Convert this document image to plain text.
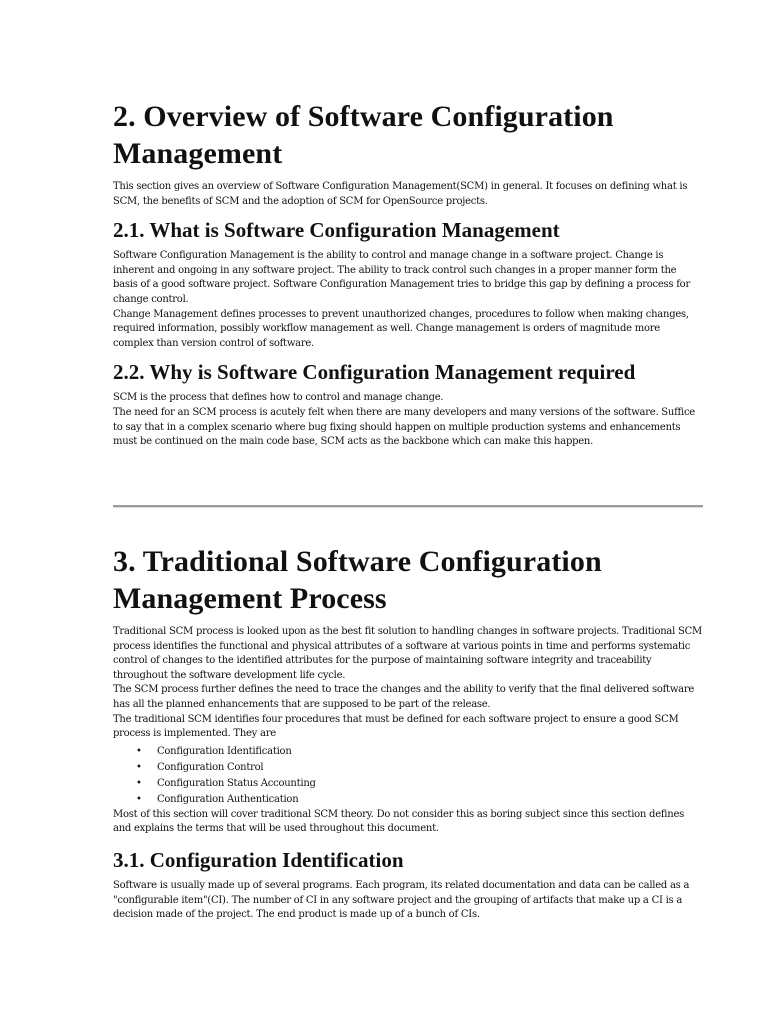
2. Overview of Software Configuration Management

This section gives an overview of Software Configuration Management(SCM) in general. It focuses on defining what is SCM, the benefits of SCM and the adoption of SCM for OpenSource projects.

2.1. What is Software Configuration Management

Software Configuration Management is the ability to control and manage change in a software project. Change is inherent and ongoing in any software project. The ability to track control such changes in a proper manner form the basis of a good software project. Software Configuration Management tries to bridge this gap by defining a process for change control.

Change Management defines processes to prevent unauthorized changes, procedures to follow when making changes, required information, possibly workflow management as well. Change management is orders of magnitude more complex than version control of software.

2.2. Why is Software Configuration Management required

SCM is the process that defines how to control and manage change.

The need for an SCM process is acutely felt when there are many developers and many versions of the software. Suffice to say that in a complex scenario where bug fixing should happen on multiple production systems and enhancements must be continued on the main code base, SCM acts as the backbone which can make this happen.

3. Traditional Software Configuration Management Process

Traditional SCM process is looked upon as the best fit solution to handling changes in software projects. Traditional SCM process identifies the functional and physical attributes of a software at various points in time and performs systematic control of changes to the identified attributes for the purpose of maintaining software integrity and traceability throughout the software development life cycle.

The SCM process further defines the need to trace the changes and the ability to verify that the final delivered software has all the planned enhancements that are supposed to be part of the release.

The traditional SCM identifies four procedures that must be defined for each software project to ensure a good SCM process is implemented. They are

• Configuration Identification
• Configuration Control
• Configuration Status Accounting
• Configuration Authentication

Most of this section will cover traditional SCM theory. Do not consider this as boring subject since this section defines and explains the terms that will be used throughout this document.

3.1. Configuration Identification

Software is usually made up of several programs. Each program, its related documentation and data can be called as a "configurable item"(CI). The number of CI in any software project and the grouping of artifacts that make up a CI is a decision made of the project. The end product is made up of a bunch of CIs.
